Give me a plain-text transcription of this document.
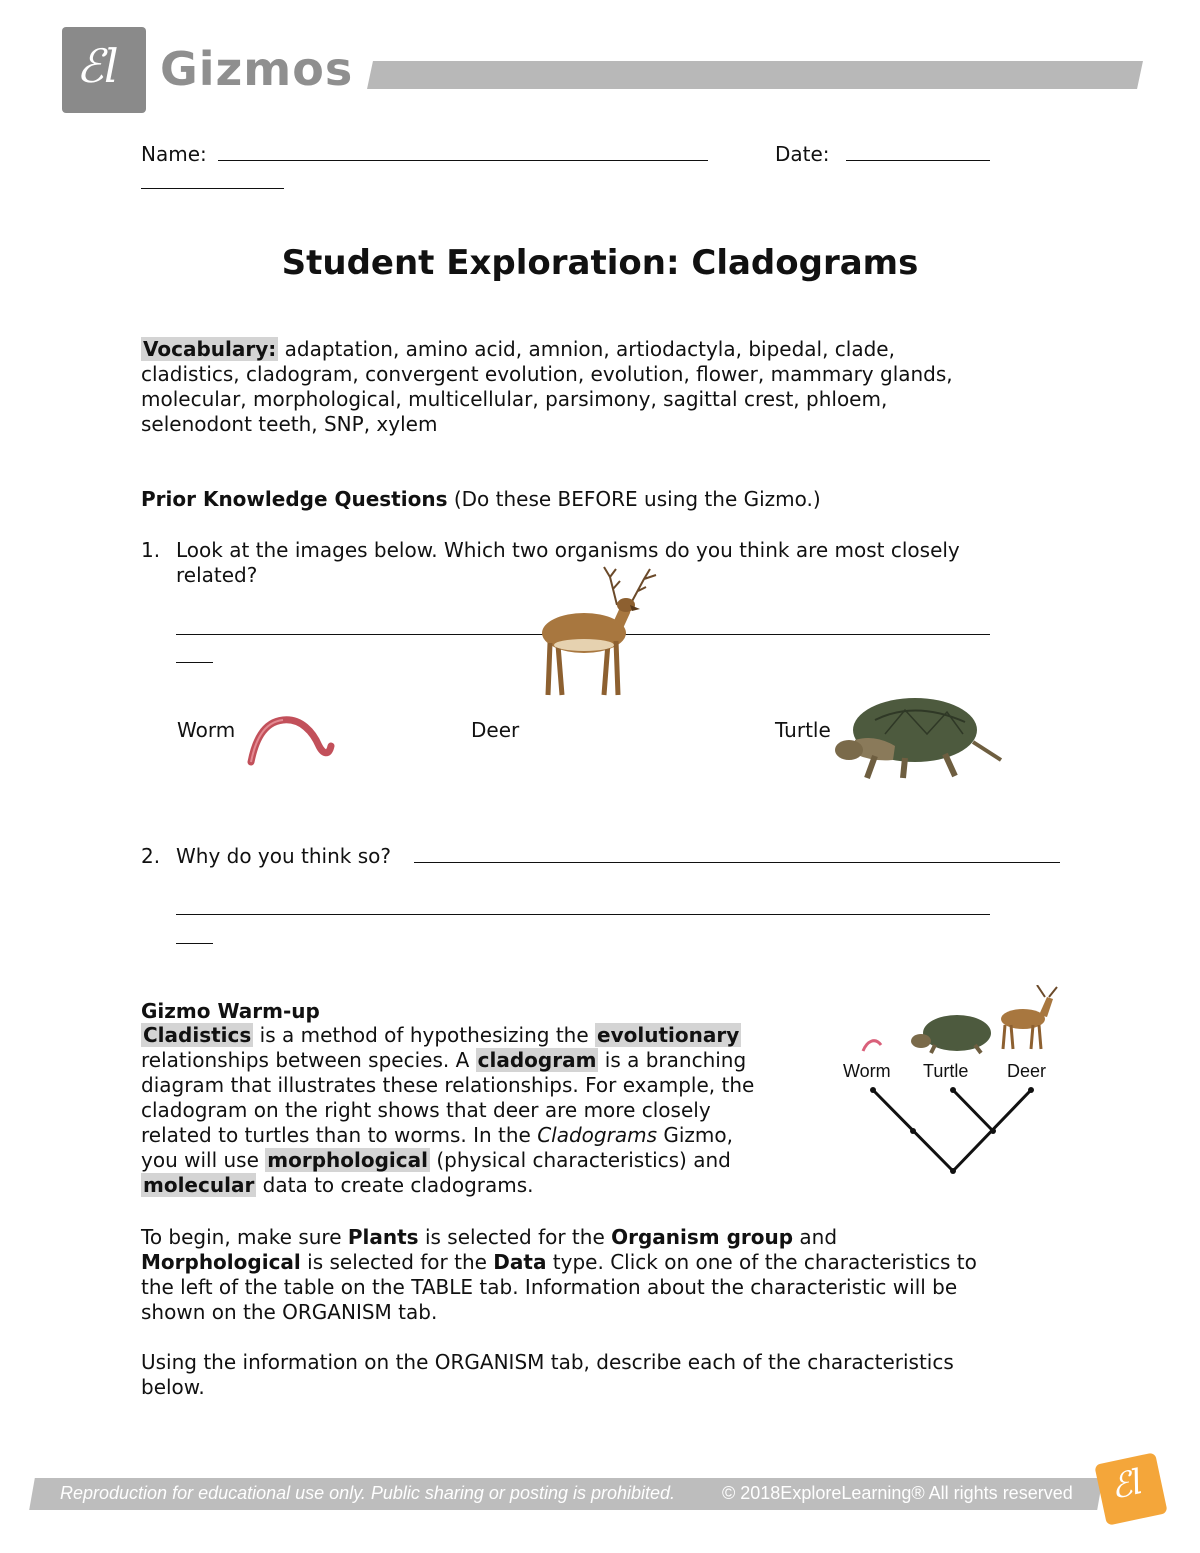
ℰl Gizmos
Name:	Date:
Student Exploration: Cladograms
Vocabulary: adaptation, amino acid, amnion, artiodactyla, bipedal, clade,
cladistics, cladogram, convergent evolution, evolution, flower, mammary glands,
molecular, morphological, multicellular, parsimony, sagittal crest, phloem,
selenodont teeth, SNP, xylem
Prior Knowledge Questions (Do these BEFORE using the Gizmo.)
1. Look at the images below. Which two organisms do you think are most closely
related?
Worm	Deer	Turtle
2. Why do you think so?
Gizmo Warm-up
Cladistics is a method of hypothesizing the evolutionary
relationships between species. A cladogram is a branching
diagram that illustrates these relationships. For example, the
cladogram on the right shows that deer are more closely
related to turtles than to worms. In the Cladograms Gizmo,
you will use morphological (physical characteristics) and
molecular data to create cladograms.
Worm Turtle Deer
To begin, make sure Plants is selected for the Organism group and
Morphological is selected for the Data type. Click on one of the characteristics to
the left of the table on the TABLE tab. Information about the characteristic will be
shown on the ORGANISM tab.
Using the information on the ORGANISM tab, describe each of the characteristics
below.
Reproduction for educational use only. Public sharing or posting is prohibited.	© 2018ExploreLearning® All rights reserved ℰl
